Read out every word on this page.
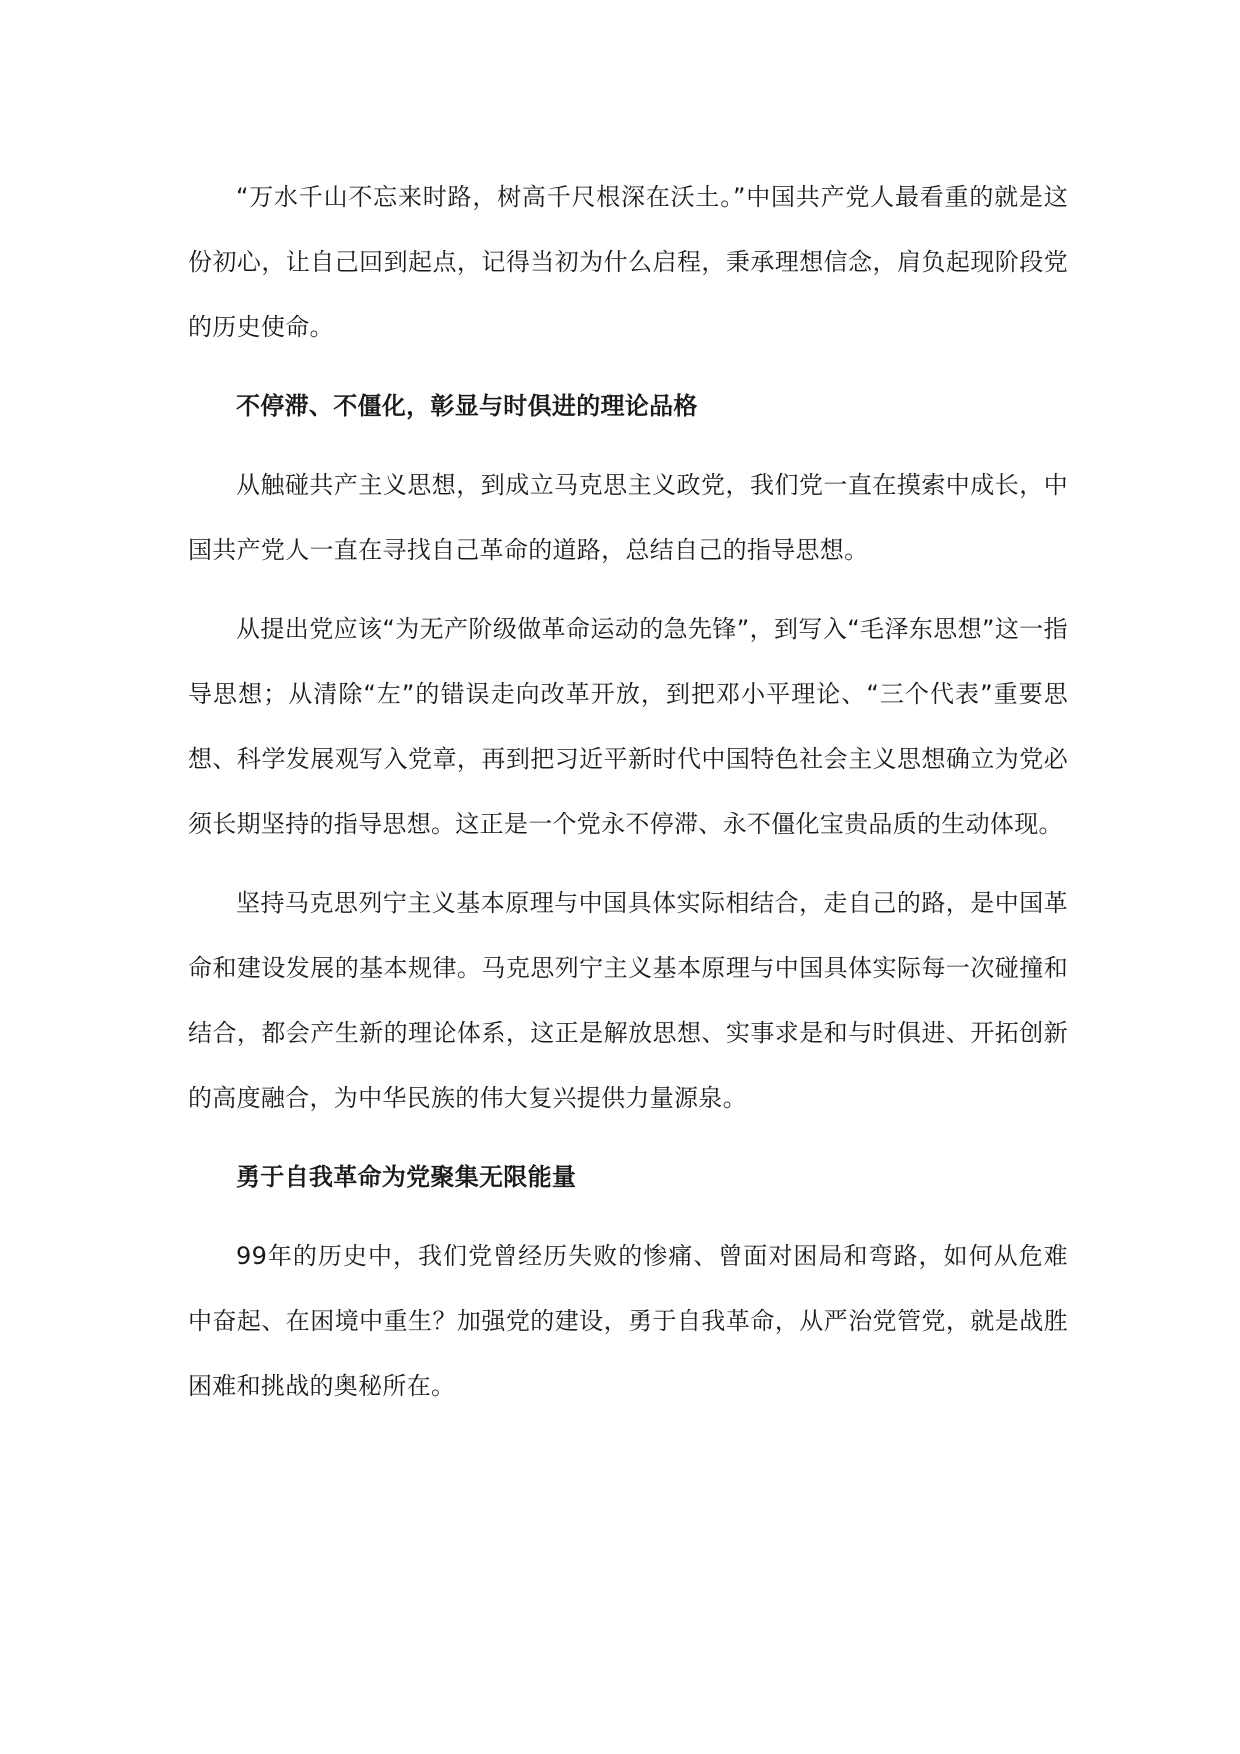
“万水千山不忘来时路，树高千尺根深在沃土。”中国共产党人最看重的就是这份初心，让自己回到起点，记得当初为什么启程，秉承理想信念，肩负起现阶段党的历史使命。

不停滞、不僵化，彰显与时俱进的理论品格

从触碰共产主义思想，到成立马克思主义政党，我们党一直在摸索中成长，中国共产党人一直在寻找自己革命的道路，总结自己的指导思想。

从提出党应该“为无产阶级做革命运动的急先锋”，到写入“毛泽东思想”这一指导思想；从清除“左”的错误走向改革开放，到把邓小平理论、“三个代表”重要思想、科学发展观写入党章，再到把习近平新时代中国特色社会主义思想确立为党必须长期坚持的指导思想。这正是一个党永不停滞、永不僵化宝贵品质的生动体现。

坚持马克思列宁主义基本原理与中国具体实际相结合，走自己的路，是中国革命和建设发展的基本规律。马克思列宁主义基本原理与中国具体实际每一次碰撞和结合，都会产生新的理论体系，这正是解放思想、实事求是和与时俱进、开拓创新的高度融合，为中华民族的伟大复兴提供力量源泉。

勇于自我革命为党聚集无限能量

99年的历史中，我们党曾经历失败的惨痛、曾面对困局和弯路，如何从危难中奋起、在困境中重生？加强党的建设，勇于自我革命，从严治党管党，就是战胜困难和挑战的奥秘所在。
